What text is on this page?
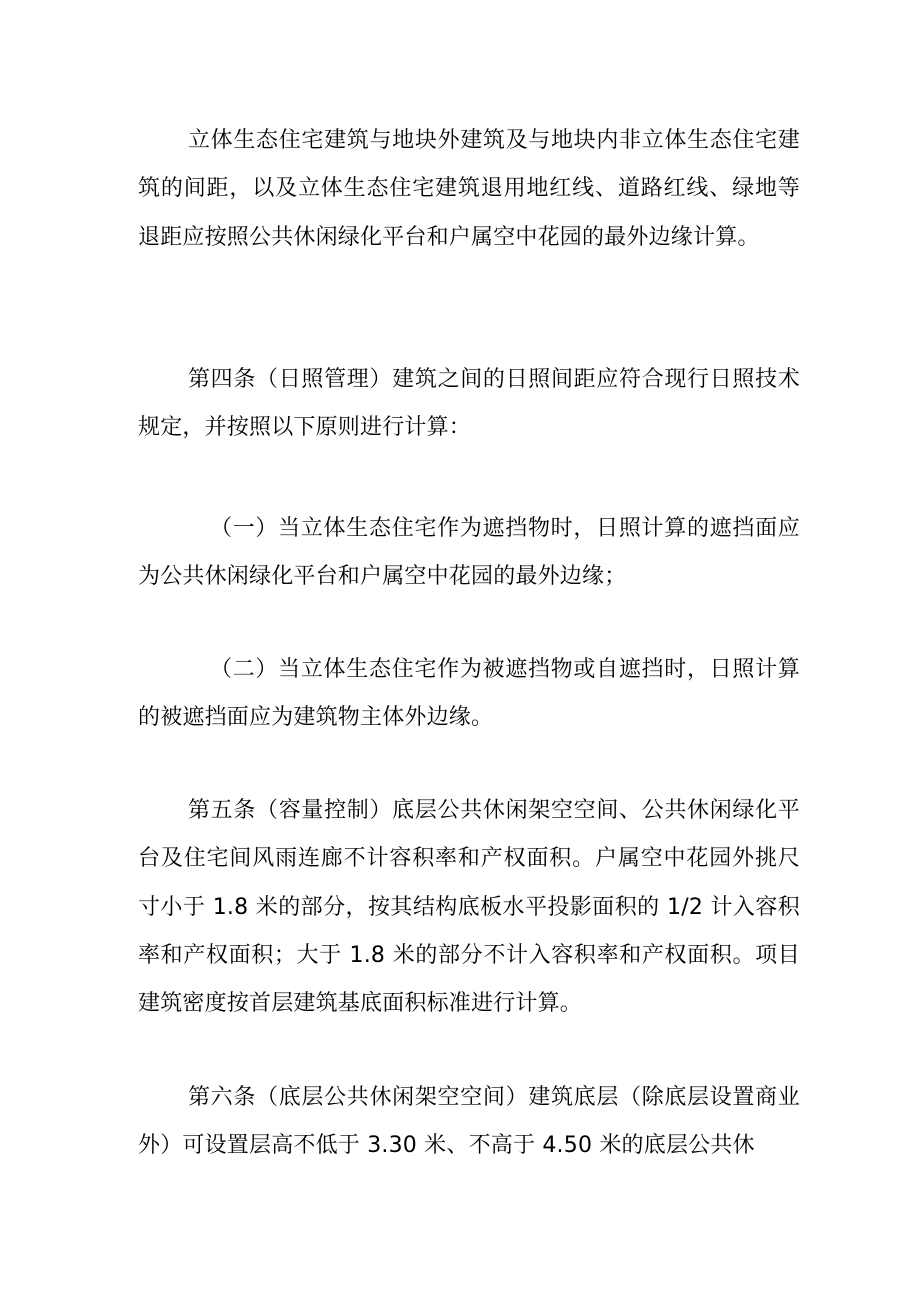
立体生态住宅建筑与地块外建筑及与地块内非立体生态住宅建筑的间距，以及立体生态住宅建筑退用地红线、道路红线、绿地等退距应按照公共休闲绿化平台和户属空中花园的最外边缘计算。

第四条（日照管理）建筑之间的日照间距应符合现行日照技术规定，并按照以下原则进行计算：

（一）当立体生态住宅作为遮挡物时，日照计算的遮挡面应为公共休闲绿化平台和户属空中花园的最外边缘；

（二）当立体生态住宅作为被遮挡物或自遮挡时，日照计算的被遮挡面应为建筑物主体外边缘。

第五条（容量控制）底层公共休闲架空空间、公共休闲绿化平台及住宅间风雨连廊不计容积率和产权面积。户属空中花园外挑尺寸小于 1.8 米的部分，按其结构底板水平投影面积的 1/2 计入容积率和产权面积；大于 1.8 米的部分不计入容积率和产权面积。项目建筑密度按首层建筑基底面积标准进行计算。

第六条（底层公共休闲架空空间）建筑底层（除底层设置商业外）可设置层高不低于 3.30 米、不高于 4.50 米的底层公共休
